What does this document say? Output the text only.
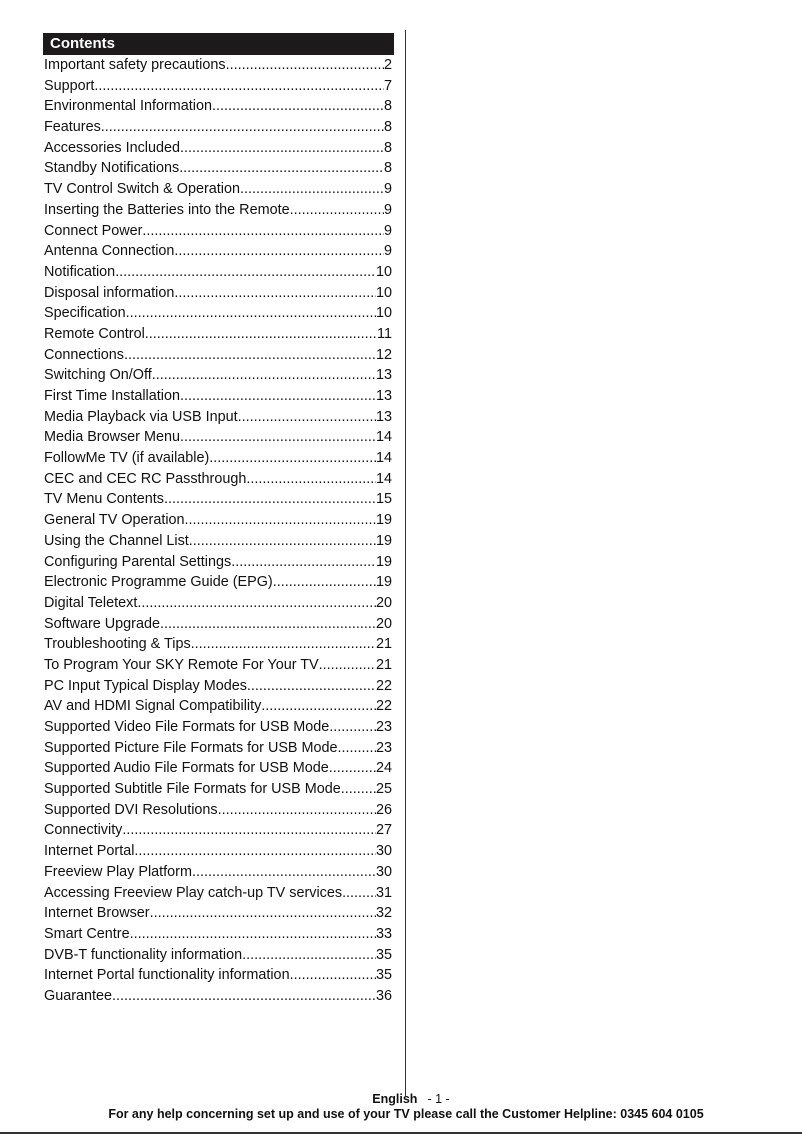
Contents
Important safety precautions .....	2
Support .....	7
Environmental Information .....	8
Features .....	8
Accessories Included .....	8
Standby Notifications .....	8
TV Control Switch & Operation .....	9
Inserting the Batteries into the Remote .....	9
Connect Power .....	9
Antenna Connection .....	9
Notification .....	10
Disposal information .....	10
Specification .....	10
Remote Control .....	11
Connections .....	12
Switching On/Off .....	13
First Time Installation .....	13
Media Playback via USB Input .....	13
Media Browser Menu .....	14
FollowMe TV (if available) .....	14
CEC and CEC RC Passthrough .....	14
TV Menu Contents .....	15
General TV Operation .....	19
Using the Channel List .....	19
Configuring Parental Settings .....	19
Electronic Programme Guide (EPG) .....	19
Digital Teletext .....	20
Software Upgrade .....	20
Troubleshooting & Tips .....	21
To Program Your SKY Remote For Your TV .....	21
PC Input Typical Display Modes .....	22
AV and HDMI Signal Compatibility .....	22
Supported Video File Formats for USB Mode .....	23
Supported Picture File Formats for USB Mode .....	23
Supported Audio File Formats for USB Mode .....	24
Supported Subtitle File Formats for USB Mode ..... 25
Supported DVI Resolutions .....	26
Connectivity .....	27
Internet Portal .....	30
Freeview Play Platform .....	30
Accessing Freeview Play catch-up TV services ..... 31
Internet Browser .....	32
Smart Centre .....	33
DVB-T functionality information .....	35
Internet Portal functionality information .....	35
Guarantee .....	36
English - 1 -
For any help concerning set up and use of your TV please call the Customer Helpline: 0345 604 0105
